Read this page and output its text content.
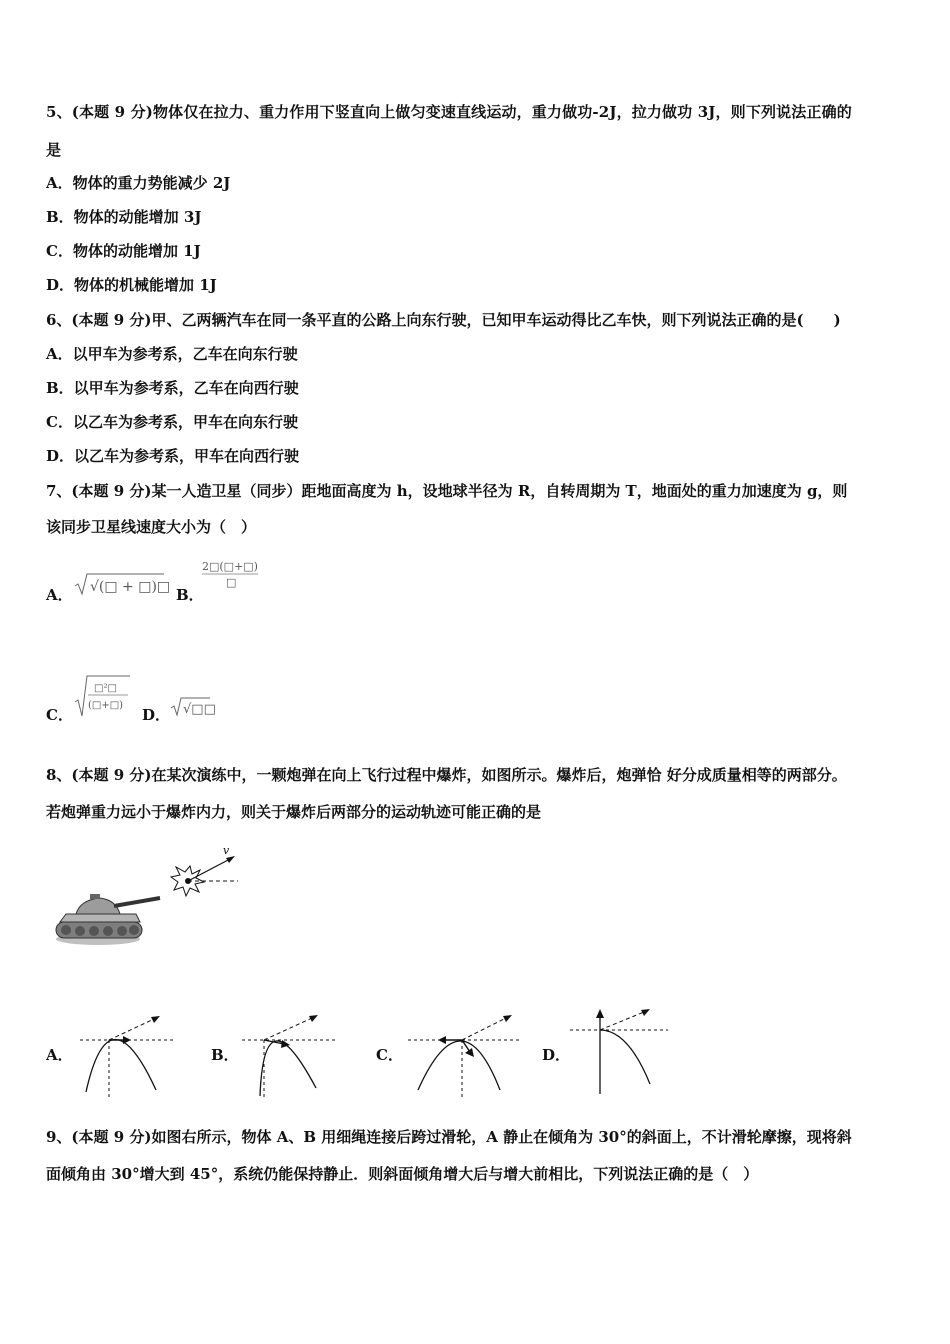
5、(本题 9 分)物体仅在拉力、重力作用下竖直向上做匀变速直线运动，重力做功-2J，拉力做功 3J，则下列说法正确的
是
A．物体的重力势能减少 2J
B．物体的动能增加 3J
C．物体的动能增加 1J
D．物体的机械能增加 1J
6、(本题 9 分)甲、乙两辆汽车在同一条平直的公路上向东行驶，已知甲车运动得比乙车快，则下列说法正确的是(　　)
A．以甲车为参考系，乙车在向东行驶
B．以甲车为参考系，乙车在向西行驶
C．以乙车为参考系，甲车在向东行驶
D．以乙车为参考系，甲车在向西行驶
7、(本题 9 分)某一人造卫星（同步）距地面高度为 h，设地球半径为 R，自转周期为 T，地面处的重力加速度为 g，则
该同步卫星线速度大小为（　）
A． √(□ + □)□ B．
2□(□+□)
□
C．
□²□
(□+□)
D． √□□
8、(本题 9 分)在某次演练中，一颗炮弹在向上飞行过程中爆炸，如图所示。爆炸后，炮弹恰 好分成质量相等的两部分。
若炮弹重力远小于爆炸内力，则关于爆炸后两部分的运动轨迹可能正确的是
v
A．	B．	C．	D．
9、(本题 9 分)如图右所示，物体 A、B 用细绳连接后跨过滑轮，A 静止在倾角为 30°的斜面上，不计滑轮摩擦，现将斜
面倾角由 30°增大到 45°，系统仍能保持静止．则斜面倾角增大后与增大前相比，下列说法正确的是（　）
